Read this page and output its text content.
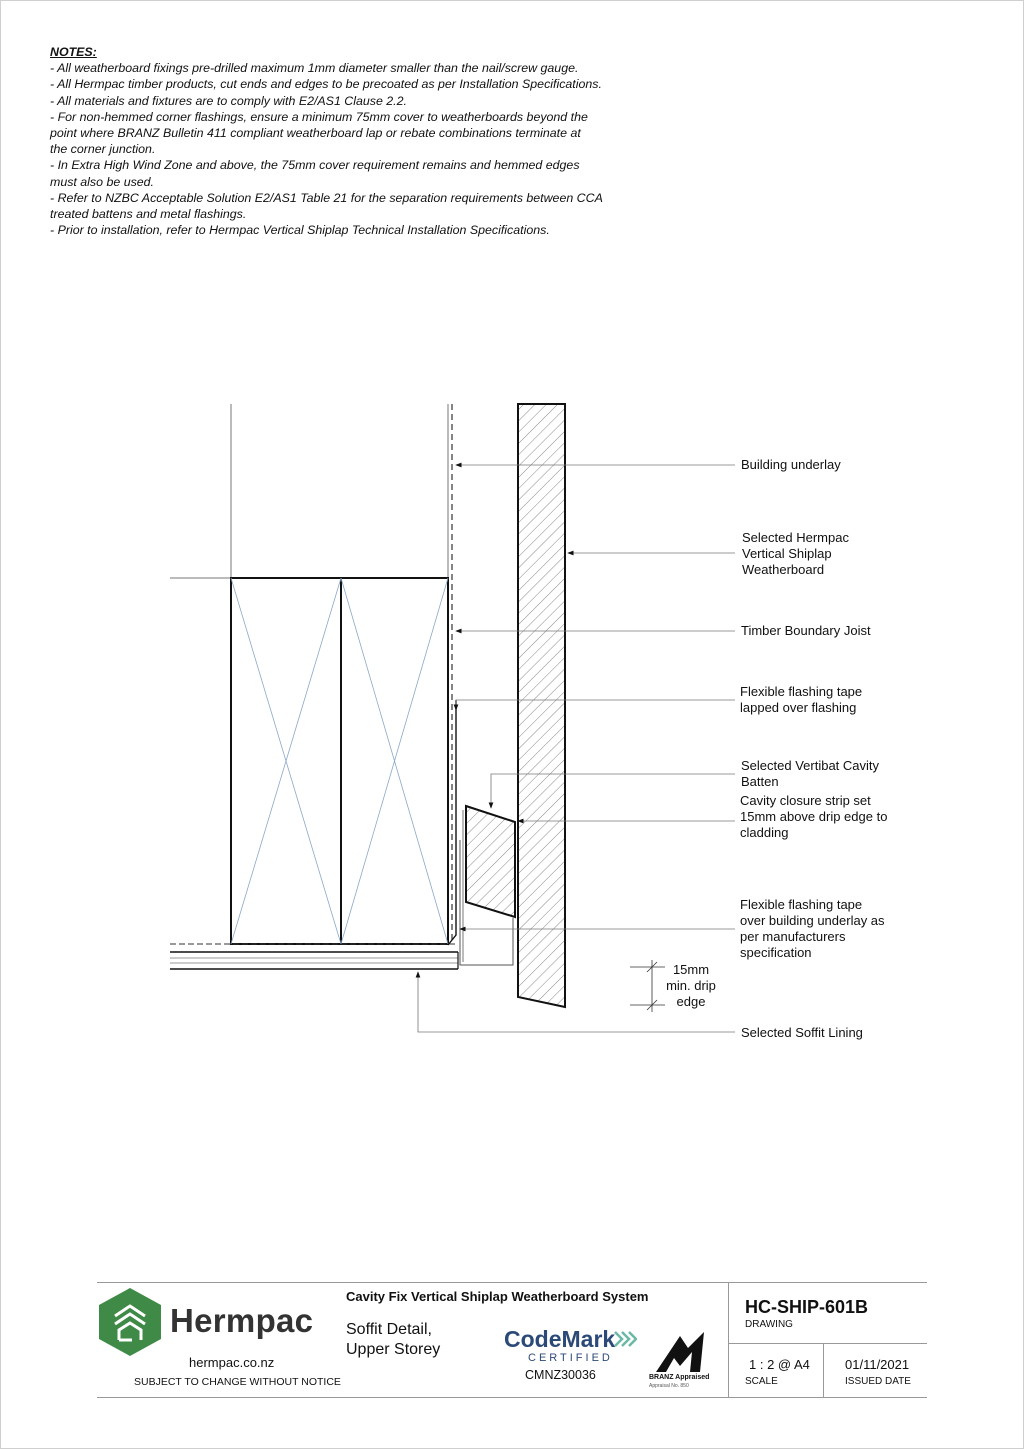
NOTES:
- All weatherboard fixings pre-drilled maximum 1mm diameter smaller than the nail/screw gauge.
- All Hermpac timber products, cut ends and edges to be precoated as per Installation Specifications.
- All materials and fixtures are to comply with E2/AS1 Clause 2.2.
- For non-hemmed corner flashings, ensure a minimum 75mm cover to weatherboards beyond the
point where BRANZ Bulletin 411 compliant weatherboard lap or rebate combinations terminate at
the corner junction.
- In Extra High Wind Zone and above, the 75mm cover requirement remains and hemmed edges
must also be used.
- Refer to NZBC Acceptable Solution E2/AS1 Table 21 for the separation requirements between CCA
treated battens and metal flashings.
- Prior to installation, refer to Hermpac Vertical Shiplap Technical Installation Specifications.
Building underlay
Selected Hermpac
Vertical Shiplap
Weatherboard
Timber Boundary Joist
Flexible flashing tape
lapped over flashing
Selected Vertibat Cavity
Batten
Cavity closure strip set
15mm above drip edge to
cladding
Flexible flashing tape
over building underlay as
per manufacturers
specification
15mm
min. drip
edge
Selected Soffit Lining
Hermpac
hermpac.co.nz
SUBJECT TO CHANGE WITHOUT NOTICE
Cavity Fix Vertical Shiplap Weatherboard System
Soffit Detail,
Upper Storey	CodeMark
CERTIFIED
CMNZ30036	BRANZ Appraised
Appraisal No. 850
HC-SHIP-601B
DRAWING
1 : 2 @ A4
SCALE
01/11/2021
ISSUED DATE
